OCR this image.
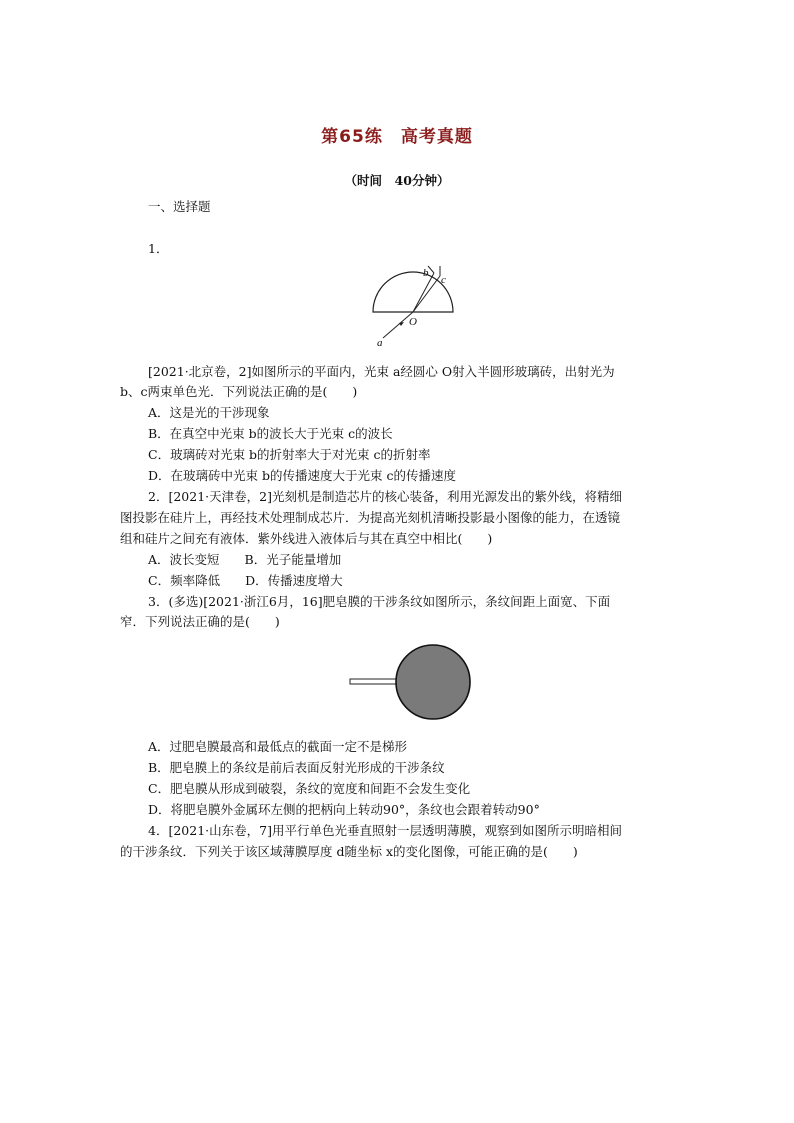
第65练　高考真题
（时间　40分钟）
一、选择题
1．
b
c
O
a
[2021·北京卷，2]如图所示的平面内，光束 a经圆心 O射入半圆形玻璃砖，出射光为
b、c两束单色光．下列说法正确的是(　　)
A．这是光的干涉现象
B．在真空中光束 b的波长大于光束 c的波长
C．玻璃砖对光束 b的折射率大于对光束 c的折射率
D．在玻璃砖中光束 b的传播速度大于光束 c的传播速度
2．[2021·天津卷，2]光刻机是制造芯片的核心装备，利用光源发出的紫外线，将精细
图投影在硅片上，再经技术处理制成芯片．为提高光刻机清晰投影最小图像的能力，在透镜
组和硅片之间充有液体．紫外线进入液体后与其在真空中相比(　　)
A．波长变短　　B．光子能量增加
C．频率降低　　D．传播速度增大
3．(多选)[2021·浙江6月，16]肥皂膜的干涉条纹如图所示，条纹间距上面宽、下面
窄．下列说法正确的是(　　)
A．过肥皂膜最高和最低点的截面一定不是梯形
B．肥皂膜上的条纹是前后表面反射光形成的干涉条纹
C．肥皂膜从形成到破裂，条纹的宽度和间距不会发生变化
D．将肥皂膜外金属环左侧的把柄向上转动90°，条纹也会跟着转动90°
4．[2021·山东卷，7]用平行单色光垂直照射一层透明薄膜，观察到如图所示明暗相间
的干涉条纹．下列关于该区域薄膜厚度 d随坐标 x的变化图像，可能正确的是(　　)
